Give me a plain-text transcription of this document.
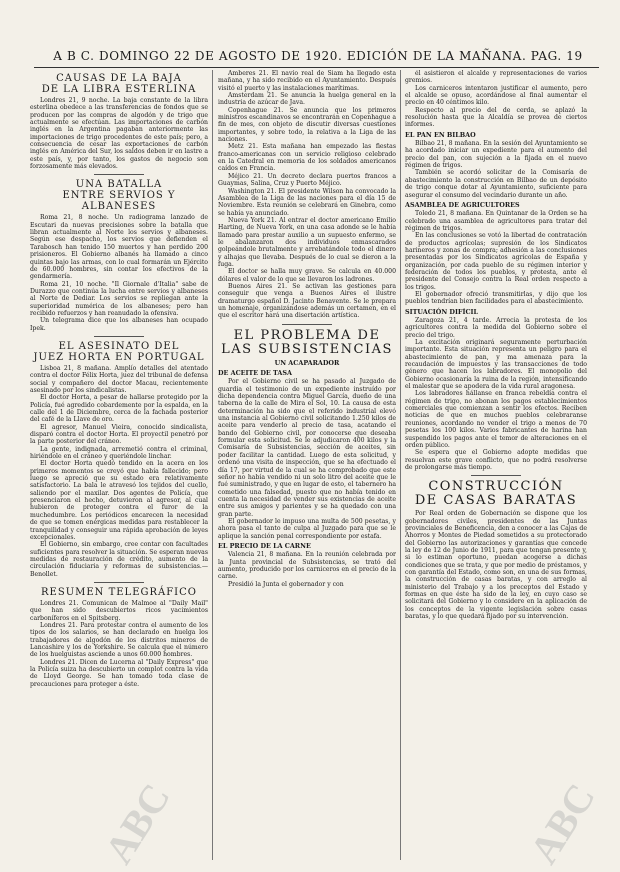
A B C. DOMINGO 22 DE AGOSTO DE 1920. EDICIÓN DE LA MAÑANA. PAG. 19
CAUSAS DE LA BAJA
DE LA LIBRA ESTERLINA

Londres 21, 9 noche. La baja constante de la libra esterlina obedece a las transferencias de fondos que se producen por las compras de algodón y de trigo que actualmente se efectúan. Las importaciones de carbón inglés en la Argentina pagaban anteriormente las importaciones de trigo procedentes de este país; pero, a consecuencia de cesar las exportaciones de carbón inglés en América del Sur, los saldos deben ir en lastre a este país, y, por tanto, los gastos de negocio son forzosamente más elevados.

UNA BATALLA
ENTRE SERVIOS Y ALBANESES

Roma 21, 8 noche. Un radiograma lanzado de Escutari da nuevas precisiones sobre la batalla que libran actualmente al Norte los servios y albaneses. Según ese despacho, los servios que defienden el Tarabosch han tenido 150 muertos y han perdido 200 prisioneros. El Gobierno albanés ha llamado a cinco quintas bajo las armas, con lo cual formarán un Ejército de 60.000 hombres, sin contar los efectivos de la gendarmería.

Roma 21, 10 noche. "Il Giornale d'Italia" sabe de Durazzo que continúa la lucha entre servios y albaneses al Norte de Dediar. Los servios se repliegan ante la superioridad numérica de los albaneses; pero han recibido refuerzos y han reanudado la ofensiva.

Un telegrama dice que los albaneses han ocupado Ipek.

EL ASESINATO DEL
JUEZ HORTA EN PORTUGAL

Lisboa 21, 8 mañana. Amplío detalles del atentado contra el doctor Félix Horta, juez del tribunal de defensa social y compañero del doctor Macau, recientemente asesinado por los sindicalistas.

El doctor Horta, a pesar de hallarse protegido por la Policía, fué agredido cobardemente por la espalda, en la calle del 1 de Diciembre, cerca de la fachada posterior del café de la Llave de oro.

El agresor, Manuel Vieira, conocido sindicalista, disparó contra el doctor Horta. El proyectil penetró por la parte posterior del cráneo.

La gente, indignada, arremetió contra el criminal, hiriéndole en el cráneo y queriéndole linchar.

El doctor Horta quedó tendido en la acera en los primeros momentos se creyó que había fallecido; pero luego se apreció que su estado era relativamente satisfactorio. La bala le atravesó los tejidos del cuello, saliendo por el maxilar. Dos agentes de Policía, que presenciaron el hecho, detuvieron al agresor, al cual hubieron de proteger contra el furor de la muchedumbre. Los periódicos encarecen la necesidad de que se tomen enérgicas medidas para restablecer la tranquilidad y conseguir una rápida aprobación de leyes excepcionales.

El Gobierno, sin embargo, cree contar con facultades suficientes para resolver la situación. Se esperan nuevas medidas de restauración de crédito, aumento de la circulación fiduciaria y reformas de subsistencias.—Benollet.

RESUMEN TELEGRÁFICO

Londres 21. Comunican de Malmoe al "Daily Mail" que han sido descubiertos ricos yacimientos carboníferos en el Spitsberg.

Londres 21. Para protestar contra el aumento de los tipos de los salarios, se han declarado en huelga los trabajadores de algodón de los distritos mineros de Lancashire y los de Yorkshire. Se calcula que el número de los huelguistas asciende a unos 60.000 hombres.

Londres 21. Dicen de Lucerna al "Daily Express" que la Policía suiza ha descubierto un complot contra la vida de Lloyd George. Se han tomado toda clase de precauciones para proteger a éste.

Amberes 21. El navío real de Siam ha llegado esta mañana, y ha sido recibido en el Ayuntamiento. Después visitó el puerto y las instalaciones marítimas.

Amsterdam 21. Se anuncia la huelga general en la industria de azúcar de Java.

Copenhague 21. Se anuncia que los primeros ministros escandinavos se encontrarán en Copenhague a fin de mes, con objeto de discutir diversas cuestiones importantes, y sobre todo, la relativa a la Liga de las naciones.

Metz 21. Esta mañana han empezado las fiestas franco-americanas con un servicio religioso celebrado en la Catedral en memoria de los soldados americanos caídos en Francia.

Méjico 21. Un decreto declara puertos francos a Guaymas, Salina, Cruz y Puerto Méjico.

Washington 21. El presidente Wilson ha convocado la Asamblea de la Liga de las naciones para el día 15 de Noviembre. Esta reunión se celebrará en Ginebra, como se había ya anunciado.

Nueva York 21. Al entrar el doctor americano Emilio Harting, de Nueva York, en una casa adonde se le había llamado para prestar auxilio a un supuesto enfermo, se le abalanzaron dos individuos enmascarados golpeándole brutalmente y arrebatándole todo el dinero y alhajas que llevaba. Después de lo cual se dieron a la fuga.

El doctor se halla muy grave. Se calcula en 40.000 dólares el valor de lo que se llevaron los ladrones.

Buenos Aires 21. Se activan las gestiones para conseguir que venga a Buenos Aires el ilustre dramaturgo español D. Jacinto Benavente. Se le prepara un homenaje, organizándose además un certamen, en el que el escritor hará una disertación artística.

EL PROBLEMA DE
LAS SUBSISTENCIAS
UN ACAPARADOR
DE ACEITE DE TASA

Por el Gobierno civil se ha pasado al Juzgado de guardia el testimonio de un expediente instruído por dicha dependencia contra Miguel García, dueño de una taberna de la calle de Mira el Sol, 10. La causa de esta determinación ha sido que el referido industrial elevó una instancia al Gobierno civil solicitando 1.250 kilos de aceite para venderlo al precio de tasa, acatando el bando del Gobierno civil, por conocerse que deseaba formular esta solicitud. Se le adjudicaron 400 kilos y la Comisaría de Subsistencias, sección de aceites, sin poder facilitar la cantidad. Luego de esta solicitud, y ordenó una visita de inspección, que se ha efectuado el día 17, por virtud de la cual se ha comprobado que este señor no había vendido ni un solo litro del aceite que le fué suministrado, y que en lugar de esto, el tabernero ha cometido una falsedad, puesto que no había tenido en cuenta la necesidad de vender sus existencias de aceite entre sus amigos y parientes y se ha quedado con una gran parte.

El gobernador le impuso una multa de 500 pesetas, y ahora pasa el tanto de culpa al Juzgado para que se le aplique la sanción penal correspondiente por estafa.

EL PRECIO DE LA CARNE

Valencia 21, 8 mañana. En la reunión celebrada por la Junta provincial de Subsistencias, se trató del aumento, producido por los carniceros en el precio de la carne.

Presidió la Junta el gobernador y con

él asistieron el alcalde y representaciones de varios gremios.

Los carniceros intentaron justificar el aumento, pero el alcalde se opuso, acordándose al final aumentar el precio en 40 céntimos kilo.

Respecto al precio del de cerda, se aplazó la resolución hasta que la Alcaldía se provea de ciertos informes.

EL PAN EN BILBAO

Bilbao 21, 8 mañana. En la sesión del Ayuntamiento se ha acordado iniciar un expediente para el aumento del precio del pan, con sujeción a la fijada en el nuevo régimen de trigos.

También se acordó solicitar de la Comisaría de abastecimiento la construcción en Bilbao de un depósito de trigo conque dotar al Ayuntamiento, suficiente para asegurar el consumo del vecindario durante un año.

ASAMBLEA DE AGRICULTORES

Toledo 21, 8 mañana. En Quintanar de la Orden se ha celebrado una asamblea de agricultores para tratar del régimen de trigos.

En las conclusiones se votó la libertad de contratación de productos agrícolas; supresión de los Sindicatos harineros y zonas de compra; adhesión a las conclusiones presentadas por los Sindicatos agrícolas de España y organización, por cada pueblo de su régimen interior y federación de todos los pueblos, y protesta, ante el presidente del Consejo contra la Real orden respecto a los trigos.

El gobernador ofreció transmitirlas, y dijo que los pueblos tendrían bien facilidades para el abastecimiento.

SITUACIÓN DIFÍCIL

Zaragoza 21, 4 tarde. Arrecia la protesta de los agricultores contra la medida del Gobierno sobre el precio del trigo.

La excitación originará seguramente perturbación importante. Esta situación representa un peligro para el abastecimiento de pan, y ma amenaza para la recaudación de impuestos y las transacciones de todo género que hacen los labradores. El monopolio del Gobierno ocasionaría la ruina de la región, intensificando el malestar que se apodera de la vida rural aragonesa.

Los labradores hállanse en franca rebeldía contra el régimen de trigo, no abonan los pagos establecimientos comerciales que comienzan a sentir los efectos. Reciben noticias de que en muchos pueblos celebraranse reuniones, acordando no vender el trigo a menos de 70 pesetas los 100 kilos. Varios fabricantes de harina han suspendido los pagos ante el temor de alteraciones en el orden público.

Se espera que el Gobierno adopte medidas que resuelvan este grave conflicto, que no podrá resolverse de prolongarse más tiempo.

CONSTRUCCIÓN
DE CASAS BARATAS

Por Real orden de Gobernación se dispone que los gobernadores civiles, presidentes de las Juntas provinciales de Beneficencia, den a conocer a las Cajas de Ahorros y Montes de Piedad sometidos a su protectorado del Gobierno las autorizaciones y garantías que concede la ley de 12 de Junio de 1911, para que tengan presente y, si lo estiman oportuno, puedan acogerse a dichas condiciones que se trata, y que por medio de préstamos, y con garantía del Estado, como son, en una de sus formas, la construcción de casas baratas, y con arreglo al ministerio del Trabajo y a los preceptos del Estado y formas en que éste ha sido de la ley, en cuyo caso se solicitará del Gobierno y lo considere en la aplicación de los conceptos de la vigente legislación sobre casas baratas, y lo que quedará fijado por su intervención.

ABC	ABC
